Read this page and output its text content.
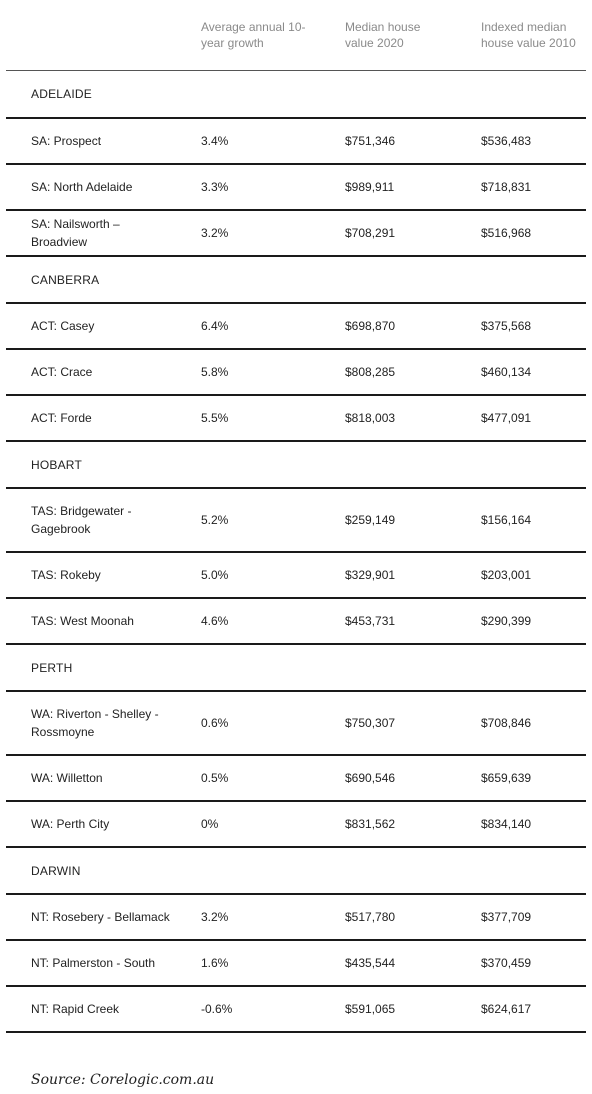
	Average annual 10-year growth	Median house value 2020	Indexed median house value 2010
ADELAIDE			
SA: Prospect	3.4%	$751,346	$536,483
SA: North Adelaide	3.3%	$989,911	$718,831
SA: Nailsworth – Broadview	3.2%	$708,291	$516,968
CANBERRA			
ACT: Casey	6.4%	$698,870	$375,568
ACT: Crace	5.8%	$808,285	$460,134
ACT: Forde	5.5%	$818,003	$477,091
HOBART			
TAS: Bridgewater - Gagebrook	5.2%	$259,149	$156,164
TAS: Rokeby	5.0%	$329,901	$203,001
TAS: West Moonah	4.6%	$453,731	$290,399
PERTH			
WA: Riverton - Shelley - Rossmoyne	0.6%	$750,307	$708,846
WA: Willetton	0.5%	$690,546	$659,639
WA: Perth City	0%	$831,562	$834,140
DARWIN			
NT: Rosebery - Bellamack	3.2%	$517,780	$377,709
NT: Palmerston - South	1.6%	$435,544	$370,459
NT: Rapid Creek	-0.6%	$591,065	$624,617
Source: Corelogic.com.au
